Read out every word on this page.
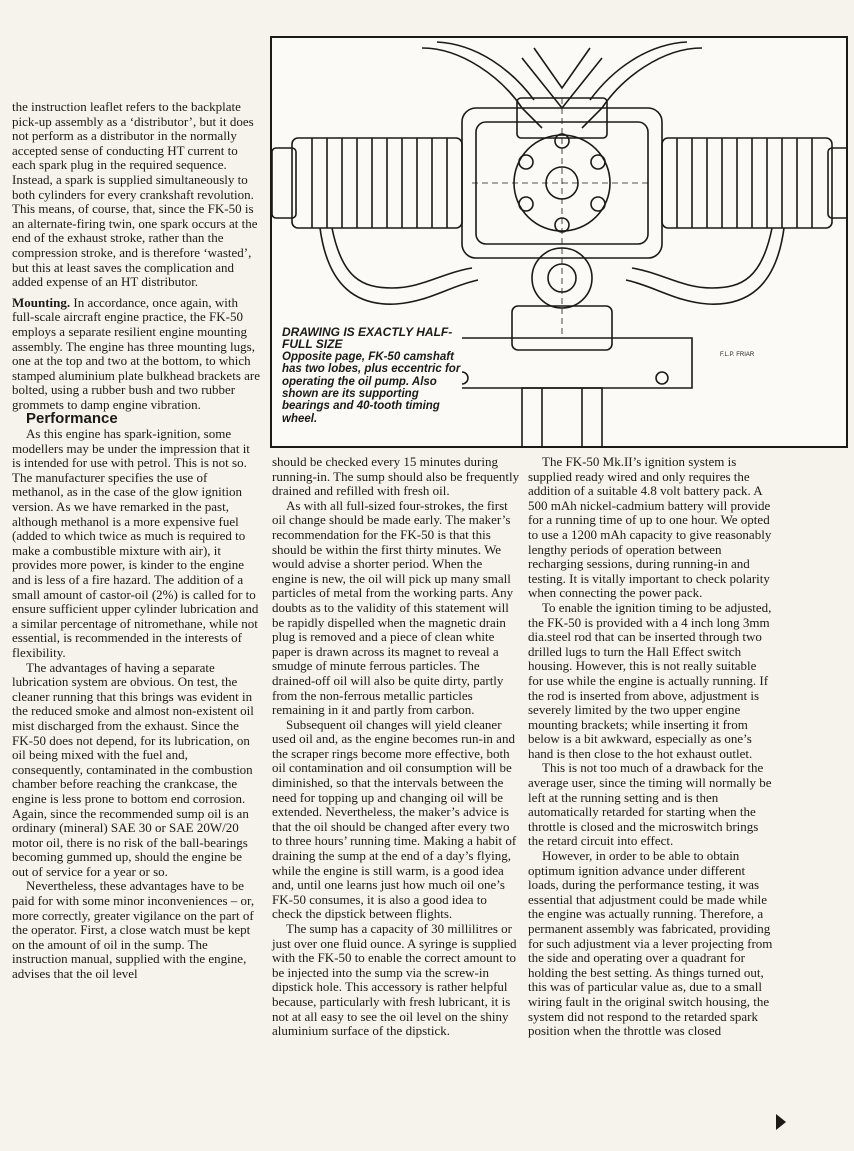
F.L.P. FRIAR
DRAWING IS EXACTLY HALF-FULL SIZE
Opposite page, FK-50 camshaft has two lobes, plus eccentric for operating the oil pump. Also shown are its supporting bearings and 40-tooth timing wheel.

the instruction leaflet refers to the backplate pick-up assembly as a ‘distributor’, but it does not perform as a distributor in the normally accepted sense of conducting HT current to each spark plug in the required sequence. Instead, a spark is supplied simultaneously to both cylinders for every crankshaft revolution. This means, of course, that, since the FK-50 is an alternate-firing twin, one spark occurs at the end of the exhaust stroke, rather than the compression stroke, and is therefore ‘wasted’, but this at least saves the complication and added expense of an HT distributor.

Mounting. In accordance, once again, with full-scale aircraft engine practice, the FK-50 employs a separate resilient engine mounting assembly. The engine has three mounting lugs, one at the top and two at the bottom, to which stamped aluminium plate bulkhead brackets are bolted, using a rubber bush and two rubber grommets to damp engine vibration.

Performance

As this engine has spark-ignition, some modellers may be under the impression that it is intended for use with petrol. This is not so. The manufacturer specifies the use of methanol, as in the case of the glow ignition version. As we have remarked in the past, although methanol is a more expensive fuel (added to which twice as much is required to make a combustible mixture with air), it provides more power, is kinder to the engine and is less of a fire hazard. The addition of a small amount of castor-oil (2%) is called for to ensure sufficient upper cylinder lubrication and a similar percentage of nitromethane, while not essential, is recommended in the interests of flexibility.

The advantages of having a separate lubrication system are obvious. On test, the cleaner running that this brings was evident in the reduced smoke and almost non-existent oil mist discharged from the exhaust. Since the FK-50 does not depend, for its lubrication, on oil being mixed with the fuel and, consequently, contaminated in the combustion chamber before reaching the crankcase, the engine is less prone to bottom end corrosion. Again, since the recommended sump oil is an ordinary (mineral) SAE 30 or SAE 20W/20 motor oil, there is no risk of the ball-bearings becoming gummed up, should the engine be out of service for a year or so.

Nevertheless, these advantages have to be paid for with some minor inconveniences – or, more correctly, greater vigilance on the part of the operator. First, a close watch must be kept on the amount of oil in the sump. The instruction manual, supplied with the engine, advises that the oil level

should be checked every 15 minutes during running-in. The sump should also be frequently drained and refilled with fresh oil.

As with all full-sized four-strokes, the first oil change should be made early. The maker’s recommendation for the FK-50 is that this should be within the first thirty minutes. We would advise a shorter period. When the engine is new, the oil will pick up many small particles of metal from the working parts. Any doubts as to the validity of this statement will be rapidly dispelled when the magnetic drain plug is removed and a piece of clean white paper is drawn across its magnet to reveal a smudge of minute ferrous particles. The drained-off oil will also be quite dirty, partly from the non-ferrous metallic particles remaining in it and partly from carbon.

Subsequent oil changes will yield cleaner used oil and, as the engine becomes run-in and the scraper rings become more effective, both oil contamination and oil consumption will be diminished, so that the intervals between the need for topping up and changing oil will be extended. Nevertheless, the maker’s advice is that the oil should be changed after every two to three hours’ running time. Making a habit of draining the sump at the end of a day’s flying, while the engine is still warm, is a good idea and, until one learns just how much oil one’s FK-50 consumes, it is also a good idea to check the dipstick between flights.

The sump has a capacity of 30 millilitres or just over one fluid ounce. A syringe is supplied with the FK-50 to enable the correct amount to be injected into the sump via the screw-in dipstick hole. This accessory is rather helpful because, particularly with fresh lubricant, it is not at all easy to see the oil level on the shiny aluminium surface of the dipstick.

The FK-50 Mk.II’s ignition system is supplied ready wired and only requires the addition of a suitable 4.8 volt battery pack. A 500 mAh nickel-cadmium battery will provide for a running time of up to one hour. We opted to use a 1200 mAh capacity to give reasonably lengthy periods of operation between recharging sessions, during running-in and testing. It is vitally important to check polarity when connecting the power pack.

To enable the ignition timing to be adjusted, the FK-50 is provided with a 4 inch long 3mm dia.steel rod that can be inserted through two drilled lugs to turn the Hall Effect switch housing. However, this is not really suitable for use while the engine is actually running. If the rod is inserted from above, adjustment is severely limited by the two upper engine mounting brackets; while inserting it from below is a bit awkward, especially as one’s hand is then close to the hot exhaust outlet.

This is not too much of a drawback for the average user, since the timing will normally be left at the running setting and is then automatically retarded for starting when the throttle is closed and the microswitch brings the retard circuit into effect.

However, in order to be able to obtain optimum ignition advance under different loads, during the performance testing, it was essential that adjustment could be made while the engine was actually running. Therefore, a permanent assembly was fabricated, providing for such adjustment via a lever projecting from the side and operating over a quadrant for holding the best setting. As things turned out, this was of particular value as, due to a small wiring fault in the original switch housing, the system did not respond to the retarded spark position when the throttle was closed
